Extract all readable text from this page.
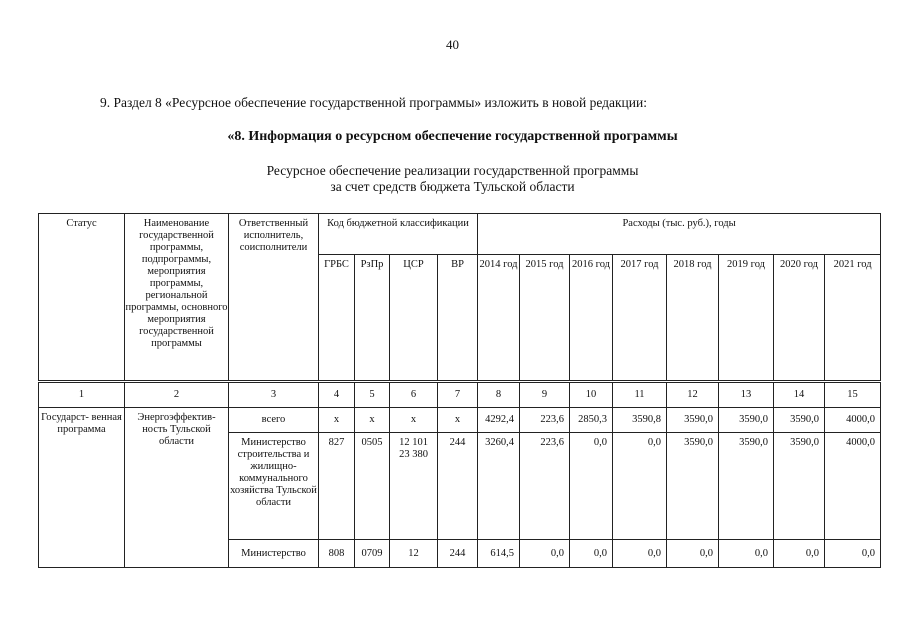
40
9. Раздел 8 «Ресурсное обеспечение государственной программы» изложить в новой редакции:
«8. Информация о ресурсном обеспечение государственной программы
Ресурсное обеспечение реализации государственной программы
за счет средств бюджета Тульской области
Статус	Наименование государственной программы, подпрограммы, мероприятия программы, региональной программы, основного мероприятия государственной программы	Ответственный исполнитель, соисполнители	Код бюджетной классификации				Расходы (тыс. руб.), годы							
			ГРБС	РзПр	ЦСР	ВР	2014 год	2015 год	2016 год	2017 год	2018 год	2019 год	2020 год	2021 год
1	2	3	4	5	6	7	8	9	10	11	12	13	14	15
Государст- венная программа	Энергоэффектив- ность Тульской области	всего	х	х	х	х	4292,4	223,6	2850,3	3590,8	3590,0	3590,0	3590,0	4000,0
		Министерство строительства и жилищно- коммунального хозяйства Тульской области	827	0505	12 101 23 380	244	3260,4	223,6	0,0	0,0	3590,0	3590,0	3590,0	4000,0
		Министерство	808	0709	12	244	614,5	0,0	0,0	0,0	0,0	0,0	0,0	0,0
